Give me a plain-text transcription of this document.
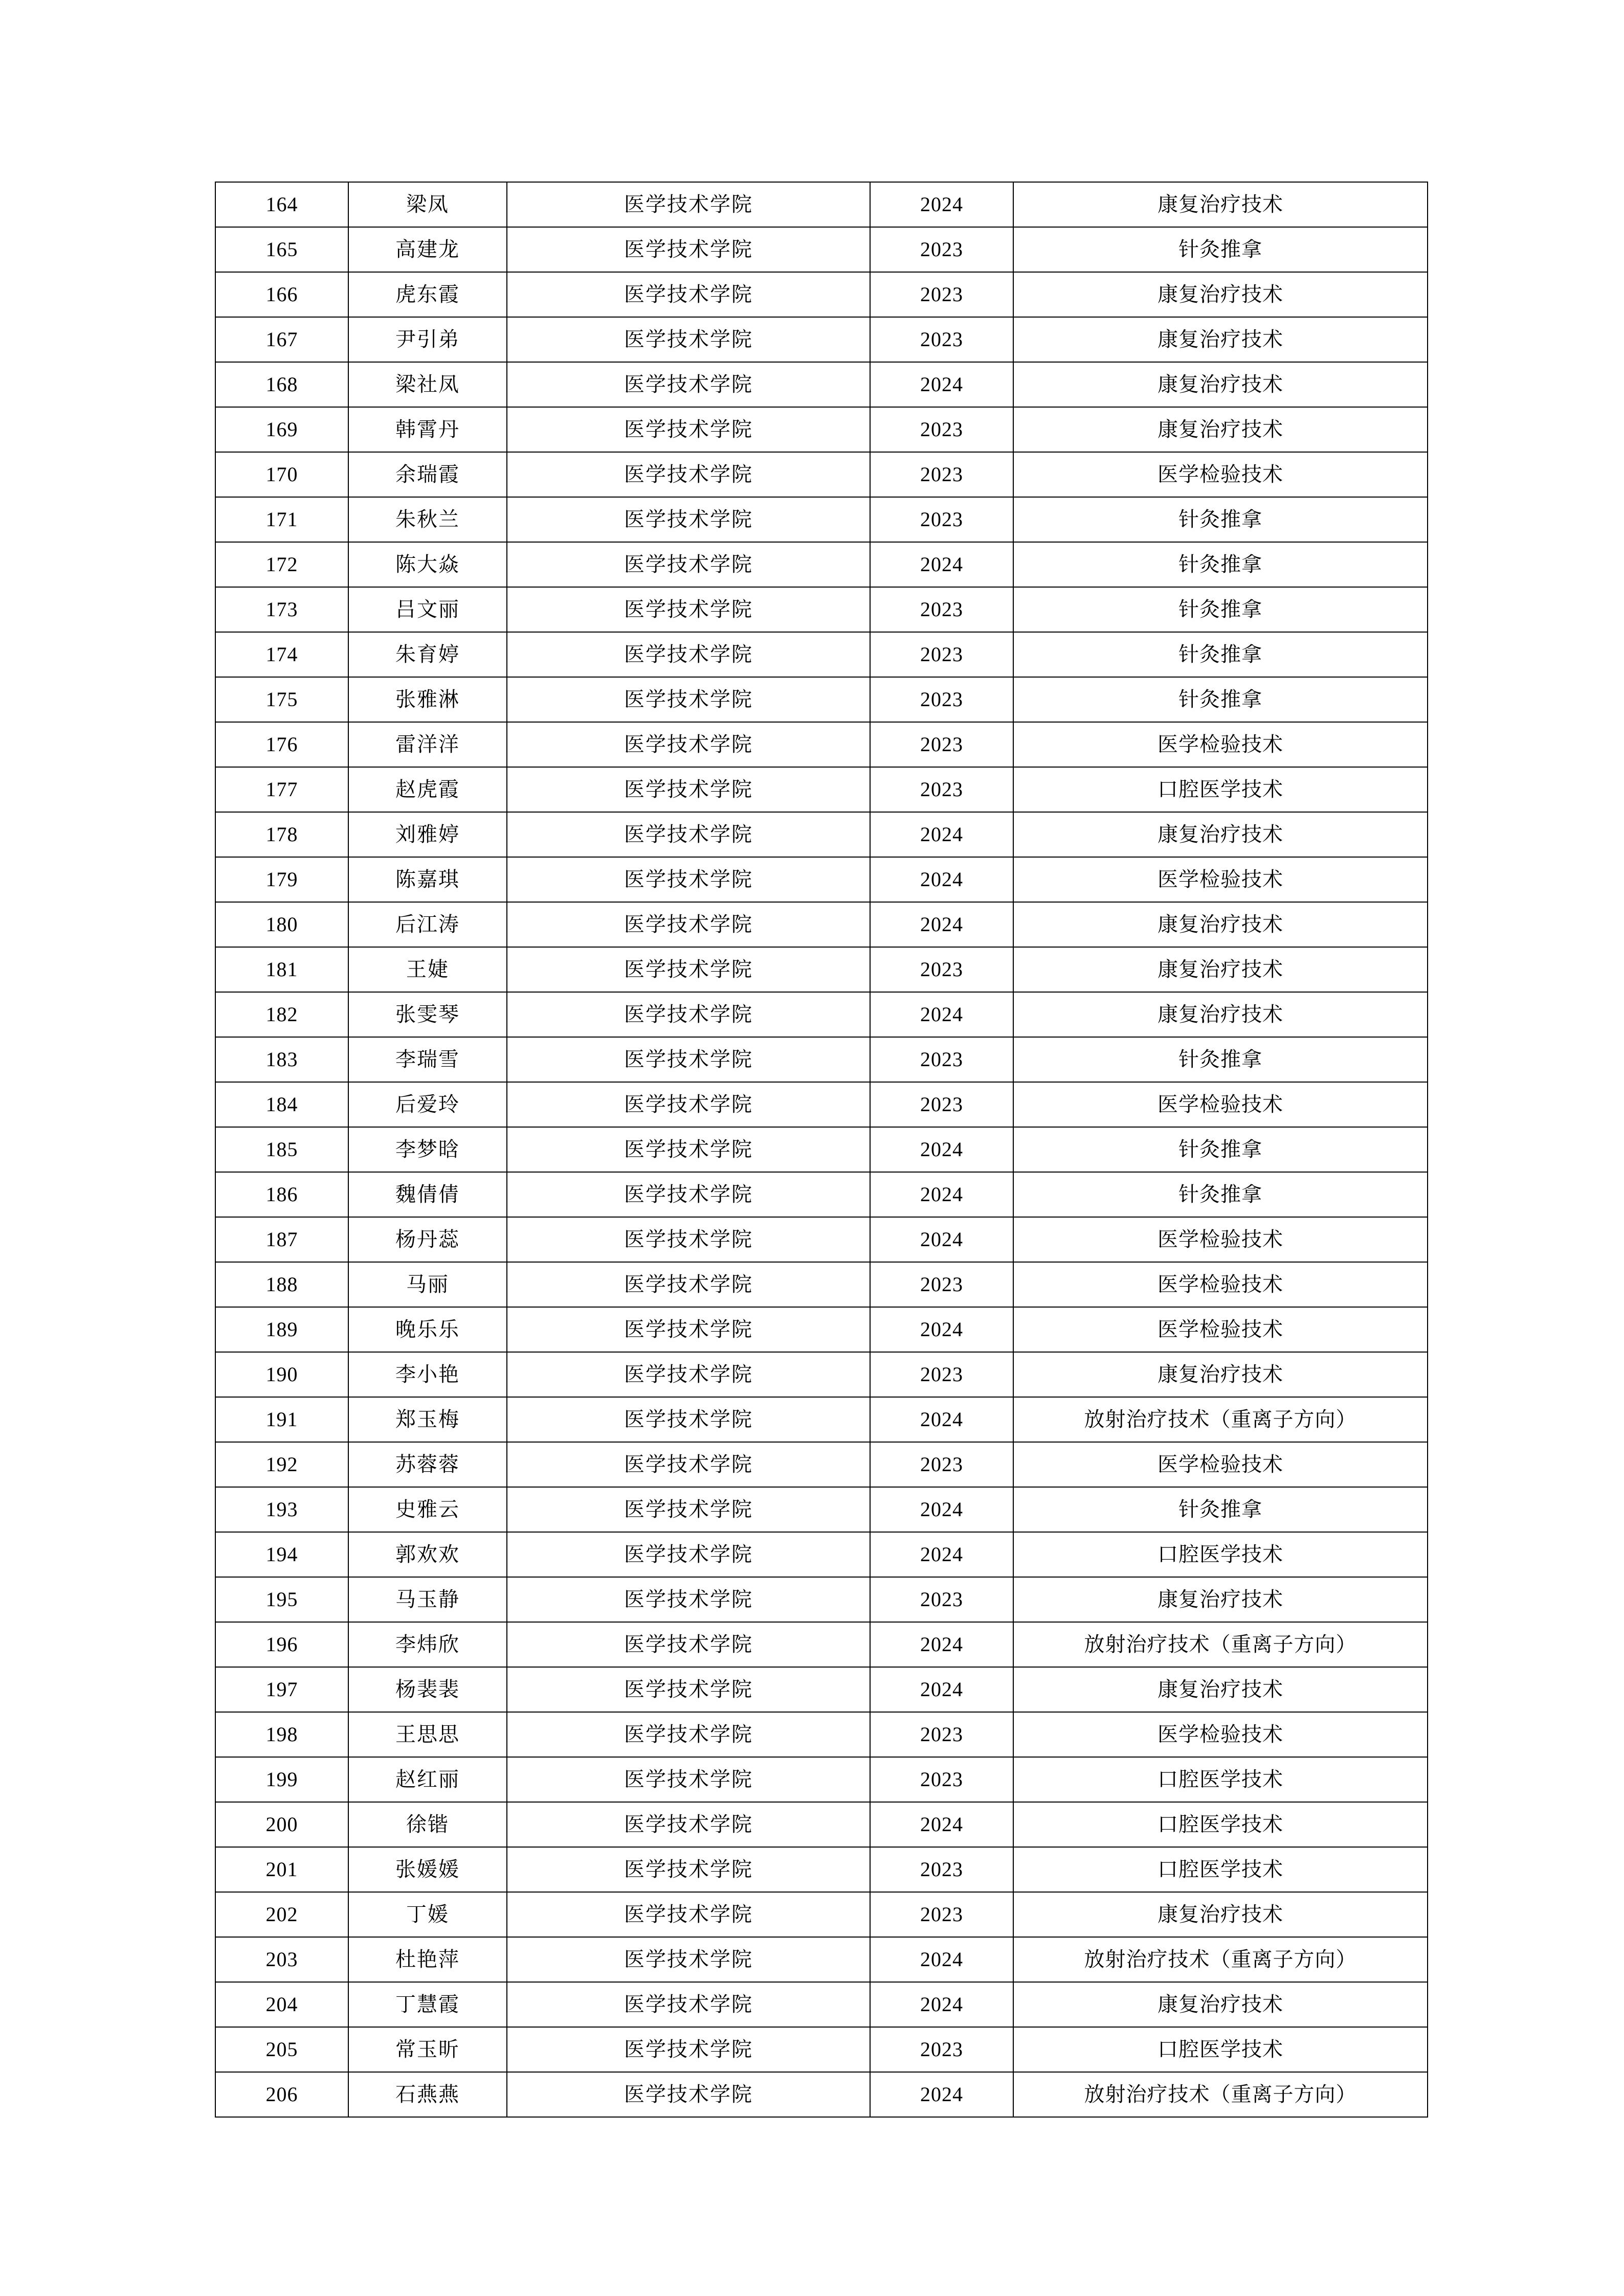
164	梁凤	医学技术学院	2024	康复治疗技术
165	高建龙	医学技术学院	2023	针灸推拿
166	虎东霞	医学技术学院	2023	康复治疗技术
167	尹引弟	医学技术学院	2023	康复治疗技术
168	梁社凤	医学技术学院	2024	康复治疗技术
169	韩霄丹	医学技术学院	2023	康复治疗技术
170	余瑞霞	医学技术学院	2023	医学检验技术
171	朱秋兰	医学技术学院	2023	针灸推拿
172	陈大焱	医学技术学院	2024	针灸推拿
173	吕文丽	医学技术学院	2023	针灸推拿
174	朱育婷	医学技术学院	2023	针灸推拿
175	张雅淋	医学技术学院	2023	针灸推拿
176	雷洋洋	医学技术学院	2023	医学检验技术
177	赵虎霞	医学技术学院	2023	口腔医学技术
178	刘雅婷	医学技术学院	2024	康复治疗技术
179	陈嘉琪	医学技术学院	2024	医学检验技术
180	后江涛	医学技术学院	2024	康复治疗技术
181	王婕	医学技术学院	2023	康复治疗技术
182	张雯琴	医学技术学院	2024	康复治疗技术
183	李瑞雪	医学技术学院	2023	针灸推拿
184	后爱玲	医学技术学院	2023	医学检验技术
185	李梦晗	医学技术学院	2024	针灸推拿
186	魏倩倩	医学技术学院	2024	针灸推拿
187	杨丹蕊	医学技术学院	2024	医学检验技术
188	马丽	医学技术学院	2023	医学检验技术
189	晚乐乐	医学技术学院	2024	医学检验技术
190	李小艳	医学技术学院	2023	康复治疗技术
191	郑玉梅	医学技术学院	2024	放射治疗技术（重离子方向）
192	苏蓉蓉	医学技术学院	2023	医学检验技术
193	史雅云	医学技术学院	2024	针灸推拿
194	郭欢欢	医学技术学院	2024	口腔医学技术
195	马玉静	医学技术学院	2023	康复治疗技术
196	李炜欣	医学技术学院	2024	放射治疗技术（重离子方向）
197	杨裴裴	医学技术学院	2024	康复治疗技术
198	王思思	医学技术学院	2023	医学检验技术
199	赵红丽	医学技术学院	2023	口腔医学技术
200	徐锴	医学技术学院	2024	口腔医学技术
201	张媛媛	医学技术学院	2023	口腔医学技术
202	丁媛	医学技术学院	2023	康复治疗技术
203	杜艳萍	医学技术学院	2024	放射治疗技术（重离子方向）
204	丁慧霞	医学技术学院	2024	康复治疗技术
205	常玉昕	医学技术学院	2023	口腔医学技术
206	石燕燕	医学技术学院	2024	放射治疗技术（重离子方向）
